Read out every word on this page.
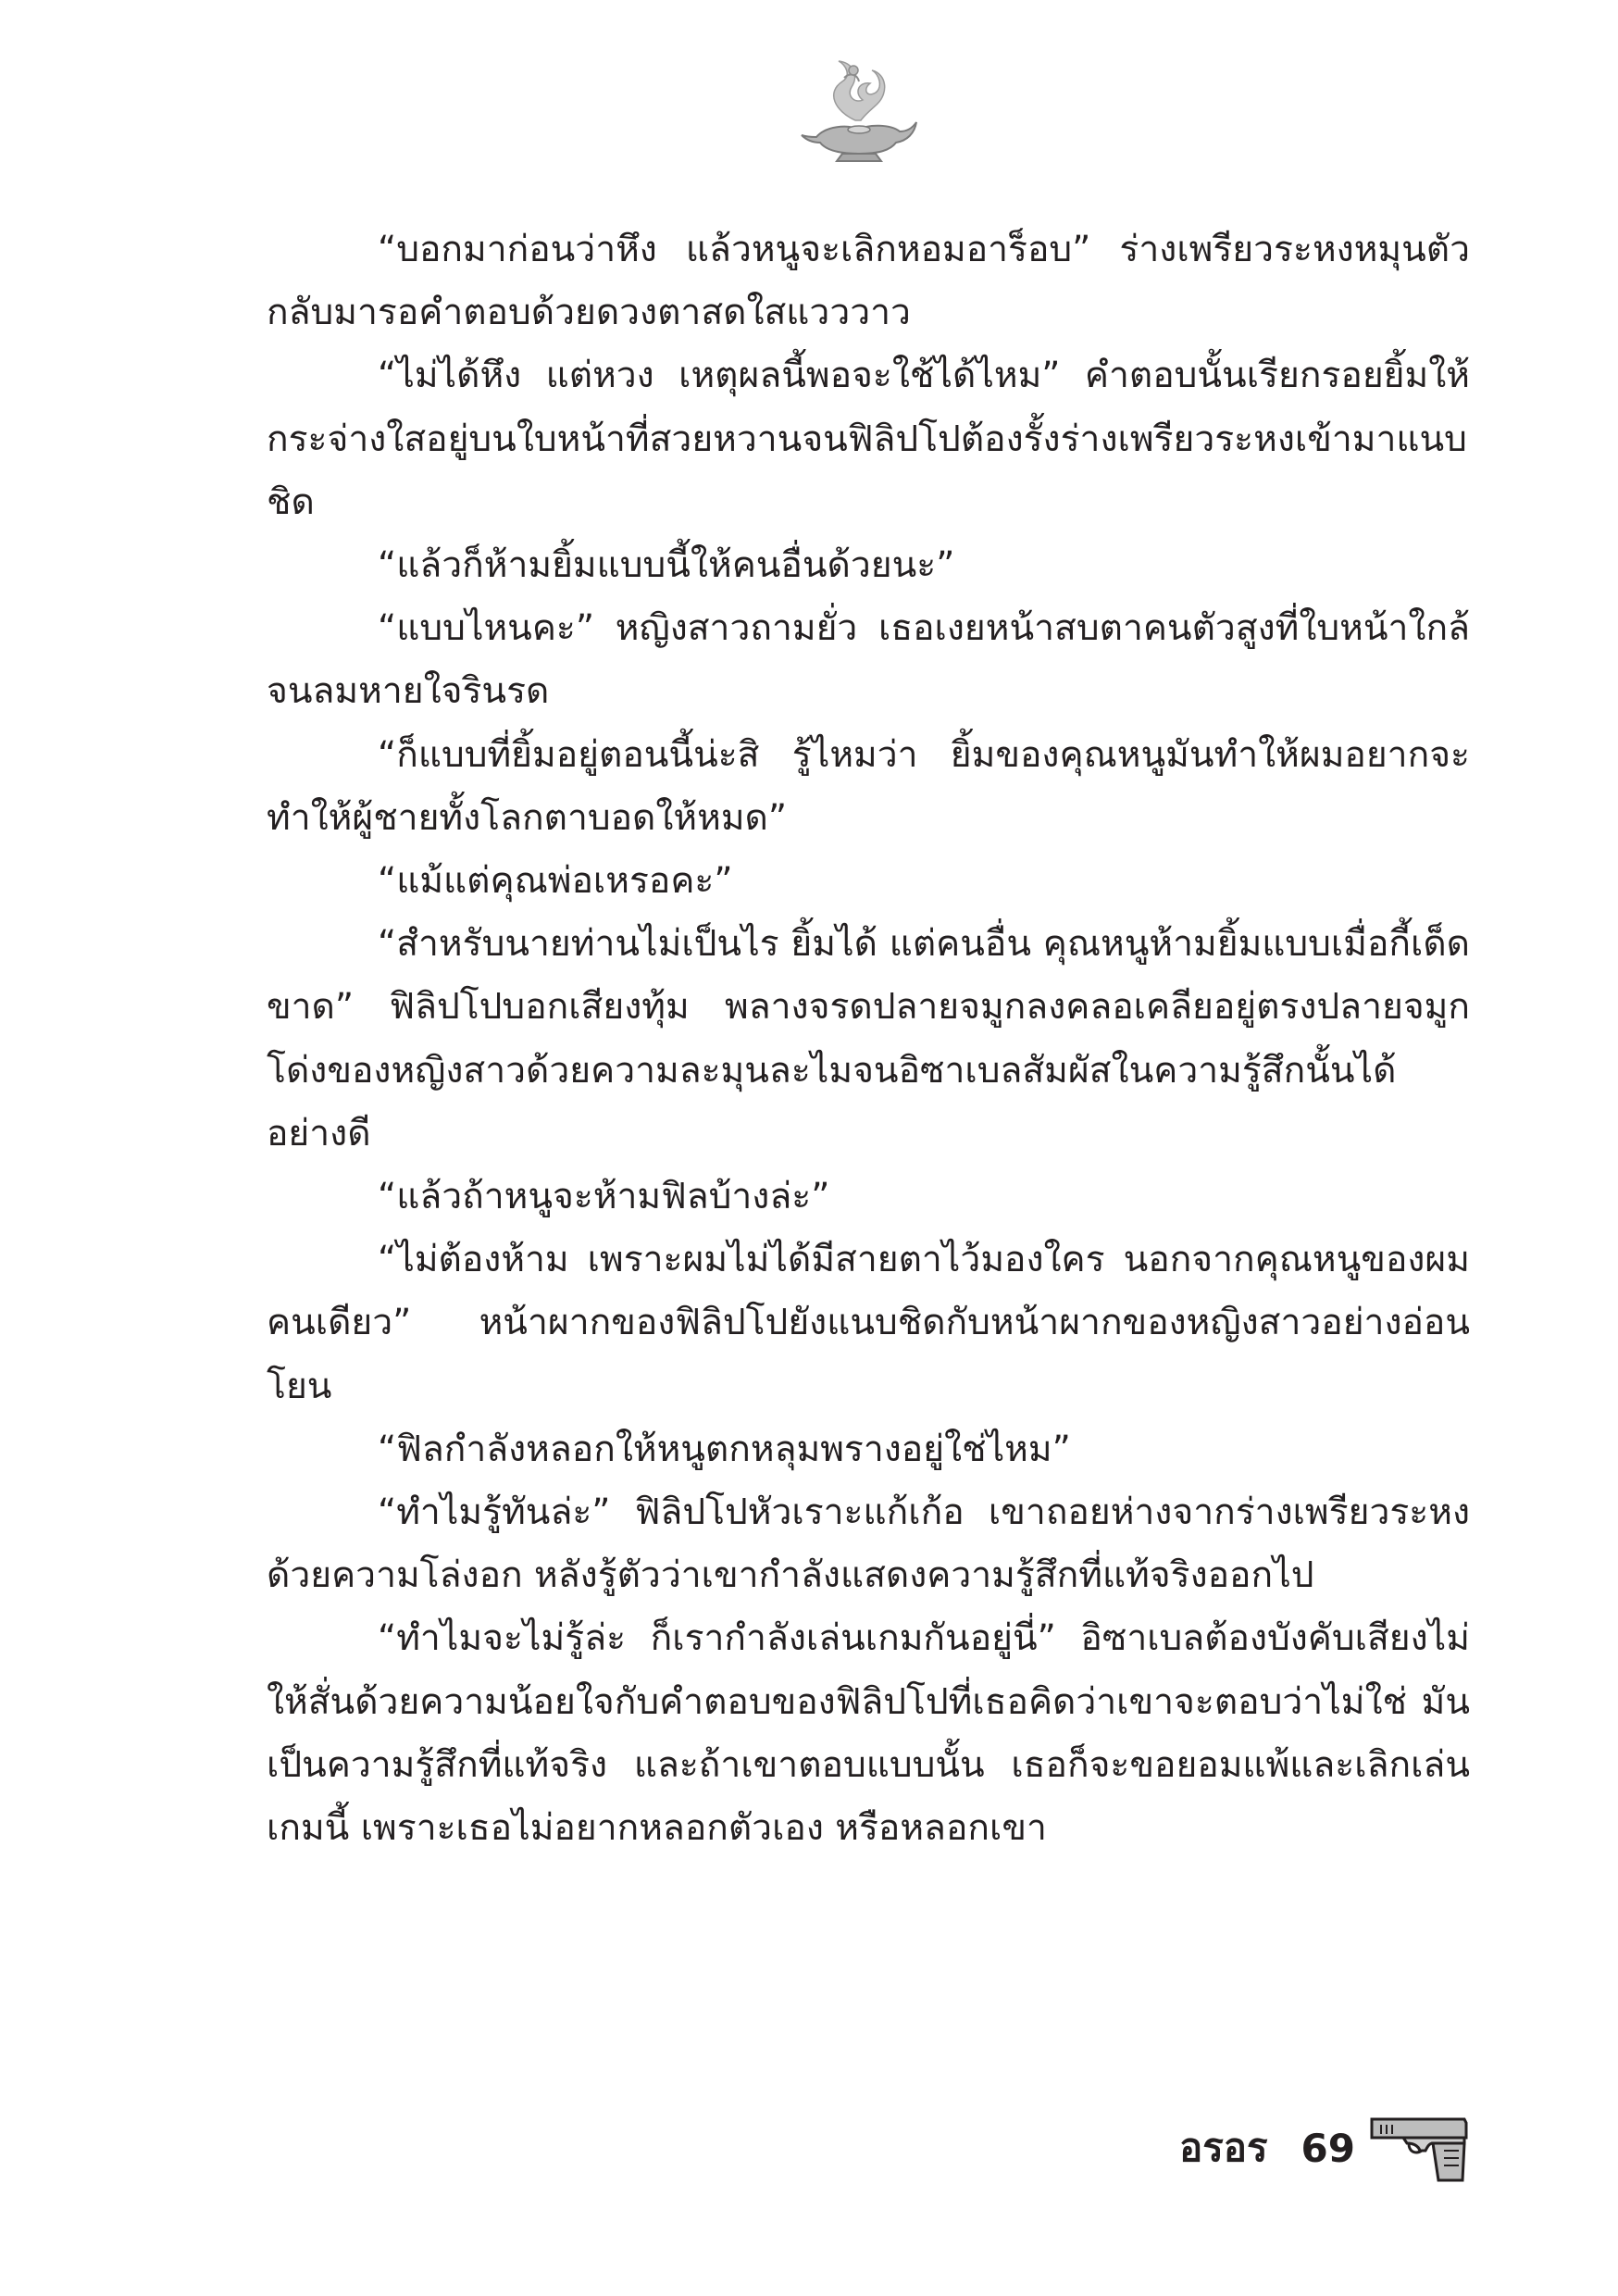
“บอกมาก่อนว่าหึง แล้วหนูจะเลิกหอมอาร็อบ” ร่างเพรียวระหงหมุนตัวกลับมารอคำตอบด้วยดวงตาสดใสแวววาว

“ไม่ได้หึง แต่หวง เหตุผลนี้พอจะใช้ได้ไหม” คำตอบนั้นเรียกรอยยิ้มให้กระจ่างใสอยู่บนใบหน้าที่สวยหวานจนฟิลิปโปต้องรั้งร่างเพรียวระหงเข้ามาแนบชิด

“แล้วก็ห้ามยิ้มแบบนี้ให้คนอื่นด้วยนะ”

“แบบไหนคะ” หญิงสาวถามยั่ว เธอเงยหน้าสบตาคนตัวสูงที่ใบหน้าใกล้จนลมหายใจรินรด

“ก็แบบที่ยิ้มอยู่ตอนนี้น่ะสิ รู้ไหมว่า ยิ้มของคุณหนูมันทำให้ผมอยากจะทำให้ผู้ชายทั้งโลกตาบอดให้หมด”

“แม้แต่คุณพ่อเหรอคะ”

“สำหรับนายท่านไม่เป็นไร ยิ้มได้ แต่คนอื่น คุณหนูห้ามยิ้มแบบเมื่อกี้เด็ดขาด” ฟิลิปโปบอกเสียงทุ้ม พลางจรดปลายจมูกลงคลอเคลียอยู่ตรงปลายจมูกโด่งของหญิงสาวด้วยความละมุนละไมจนอิซาเบลสัมผัสในความรู้สึกนั้นได้อย่างดี

“แล้วถ้าหนูจะห้ามฟิลบ้างล่ะ”

“ไม่ต้องห้าม เพราะผมไม่ได้มีสายตาไว้มองใคร นอกจากคุณหนูของผมคนเดียว” หน้าผากของฟิลิปโปยังแนบชิดกับหน้าผากของหญิงสาวอย่างอ่อนโยน

“ฟิลกำลังหลอกให้หนูตกหลุมพรางอยู่ใช่ไหม”

“ทำไมรู้ทันล่ะ” ฟิลิปโปหัวเราะแก้เก้อ เขาถอยห่างจากร่างเพรียวระหงด้วยความโล่งอก หลังรู้ตัวว่าเขากำลังแสดงความรู้สึกที่แท้จริงออกไป

“ทำไมจะไม่รู้ล่ะ ก็เรากำลังเล่นเกมกันอยู่นี่” อิซาเบลต้องบังคับเสียงไม่ให้สั่นด้วยความน้อยใจกับคำตอบของฟิลิปโปที่เธอคิดว่าเขาจะตอบว่าไม่ใช่ มันเป็นความรู้สึกที่แท้จริง และถ้าเขาตอบแบบนั้น เธอก็จะขอยอมแพ้และเลิกเล่นเกมนี้ เพราะเธอไม่อยากหลอกตัวเอง หรือหลอกเขา

อรอร 69
